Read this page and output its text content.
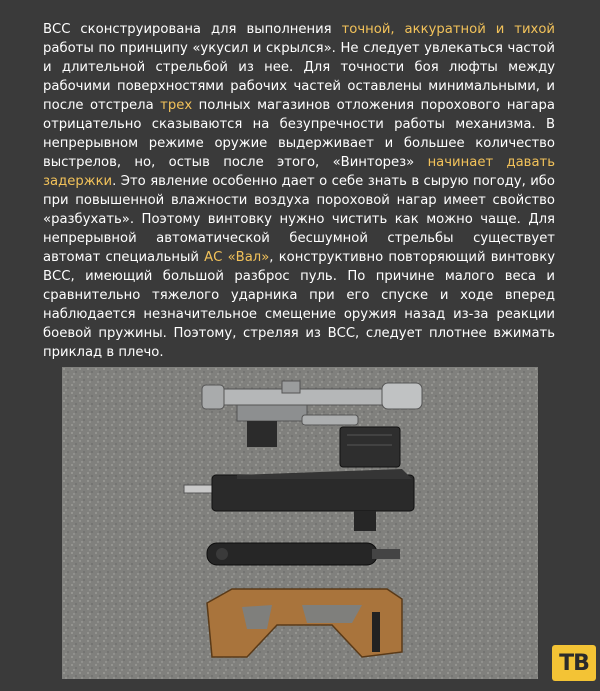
ВСС сконструирована для выполнения точной, аккуратной и тихой работы по принципу «укусил и скрылся». Не следует увлекаться частой и длительной стрельбой из нее. Для точности боя люфты между рабочими поверхностями рабочих частей оставлены минимальными, и после отстрела трех полных магазинов отложения порохового нагара отрицательно сказываются на безупречности работы механизма. В непрерывном режиме оружие выдерживает и большее количество выстрелов, но, остыв после этого, «Винторез» начинает давать задержки. Это явление особенно дает о себе знать в сырую погоду, ибо при повышенной влажности воздуха пороховой нагар имеет свойство «разбухать». Поэтому винтовку нужно чистить как можно чаще. Для непрерывной автоматической бесшумной стрельбы существует автомат специальный АС «Вал», конструктивно повторяющий винтовку ВСС, имеющий большой разброс пуль. По причине малого веса и сравнительно тяжелого ударника при его спуске и ходе вперед наблюдается незначительное смещение оружия назад из-за реакции боевой пружины. Поэтому, стреляя из ВСС, следует плотнее вжимать приклад в плечо.
ТВ
